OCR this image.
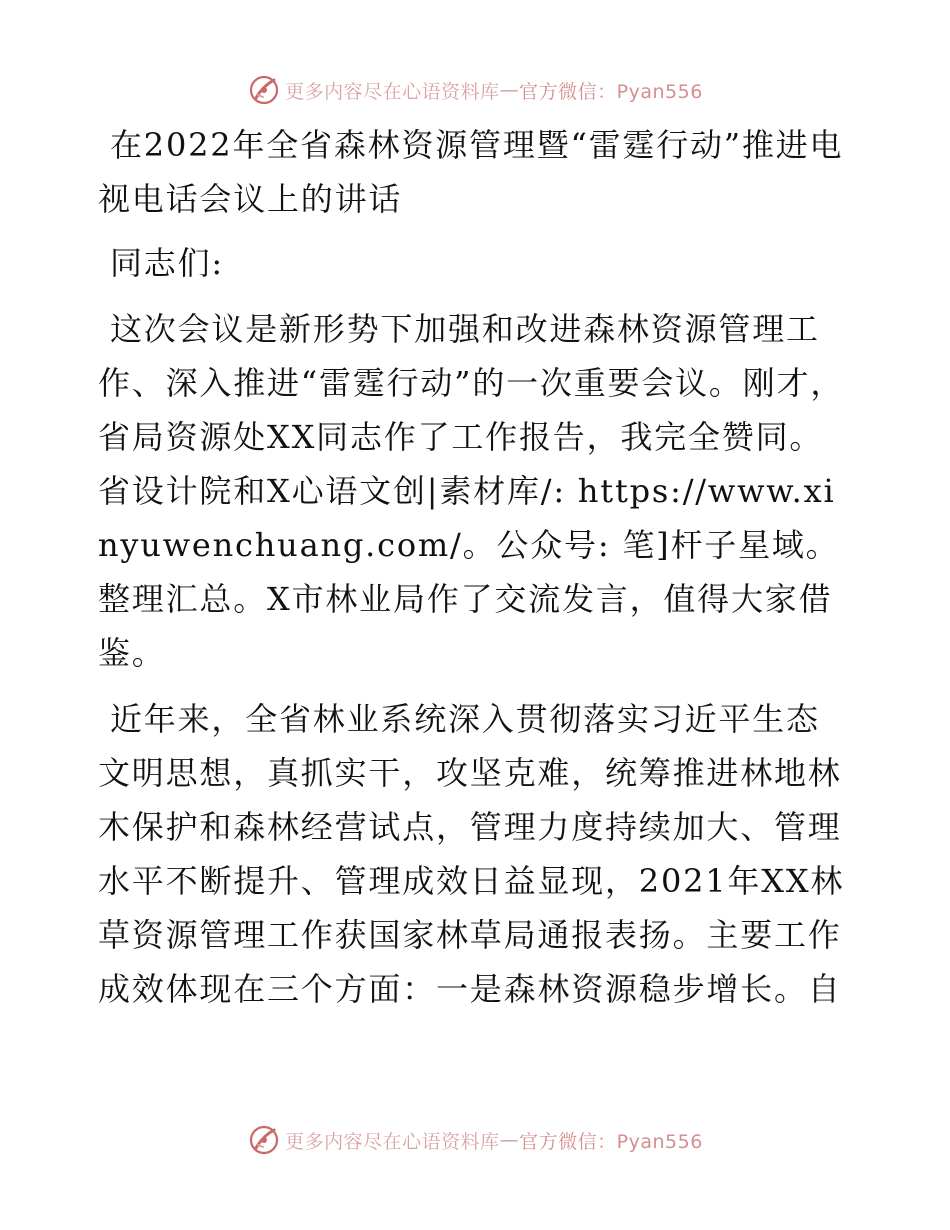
更多内容尽在心语资料库 — 官方微信：Pyan556

在2022年全省森林资源管理暨“雷霆行动”推进电视电话会议上的讲话

同志们:

这次会议是新形势下加强和改进森林资源管理工作、深入推进“雷霆行动”的一次重要会议。刚才，省局资源处XX同志作了工作报告，我完全赞同。省设计院和X心语文创|素材库/: https://www.xinyuwenchuang.com/。公众号: 笔]杆子星域。整理汇总。X市林业局作了交流发言，值得大家借鉴。

近年来，全省林业系统深入贯彻落实习近平生态文明思想，真抓实干，攻坚克难，统筹推进林地林木保护和森林经营试点，管理力度持续加大、管理水平不断提升、管理成效日益显现，2021年XX林草资源管理工作获国家林草局通报表扬。主要工作成效体现在三个方面：一是森林资源稳步增长。自

更多内容尽在心语资料库 — 官方微信：Pyan556
